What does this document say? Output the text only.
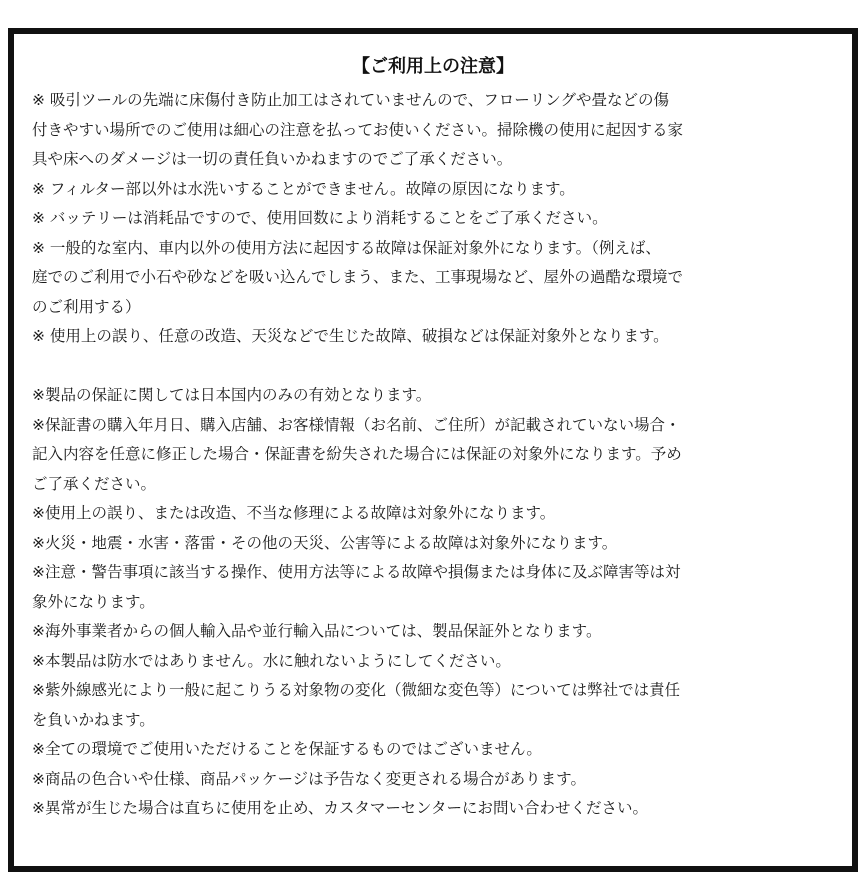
【ご利用上の注意】
※ 吸引ツールの先端に床傷付き防止加工はされていませんので、フローリングや畳などの傷
付きやすい場所でのご使用は細心の注意を払ってお使いください。掃除機の使用に起因する家
具や床へのダメージは一切の責任負いかねますのでご了承ください。
※ フィルター部以外は水洗いすることができません。故障の原因になります。
※ バッテリーは消耗品ですので、使用回数により消耗することをご了承ください。
※ 一般的な室内、車内以外の使用方法に起因する故障は保証対象外になります。（例えば、
庭でのご利用で小石や砂などを吸い込んでしまう、また、工事現場など、屋外の過酷な環境で
のご利用する）
※ 使用上の誤り、任意の改造、天災などで生じた故障、破損などは保証対象外となります。
※製品の保証に関しては日本国内のみの有効となります。
※保証書の購入年月日、購入店舗、お客様情報（お名前、ご住所）が記載されていない場合・
記入内容を任意に修正した場合・保証書を紛失された場合には保証の対象外になります。予め
ご了承ください。
※使用上の誤り、または改造、不当な修理による故障は対象外になります。
※火災・地震・水害・落雷・その他の天災、公害等による故障は対象外になります。
※注意・警告事項に該当する操作、使用方法等による故障や損傷または身体に及ぶ障害等は対
象外になります。
※海外事業者からの個人輸入品や並行輸入品については、製品保証外となります。
※本製品は防水ではありません。水に触れないようにしてください。
※紫外線感光により一般に起こりうる対象物の変化（微細な変色等）については弊社では責任
を負いかねます。
※全ての環境でご使用いただけることを保証するものではございません。
※商品の色合いや仕様、商品パッケージは予告なく変更される場合があります。
※異常が生じた場合は直ちに使用を止め、カスタマーセンターにお問い合わせください。
